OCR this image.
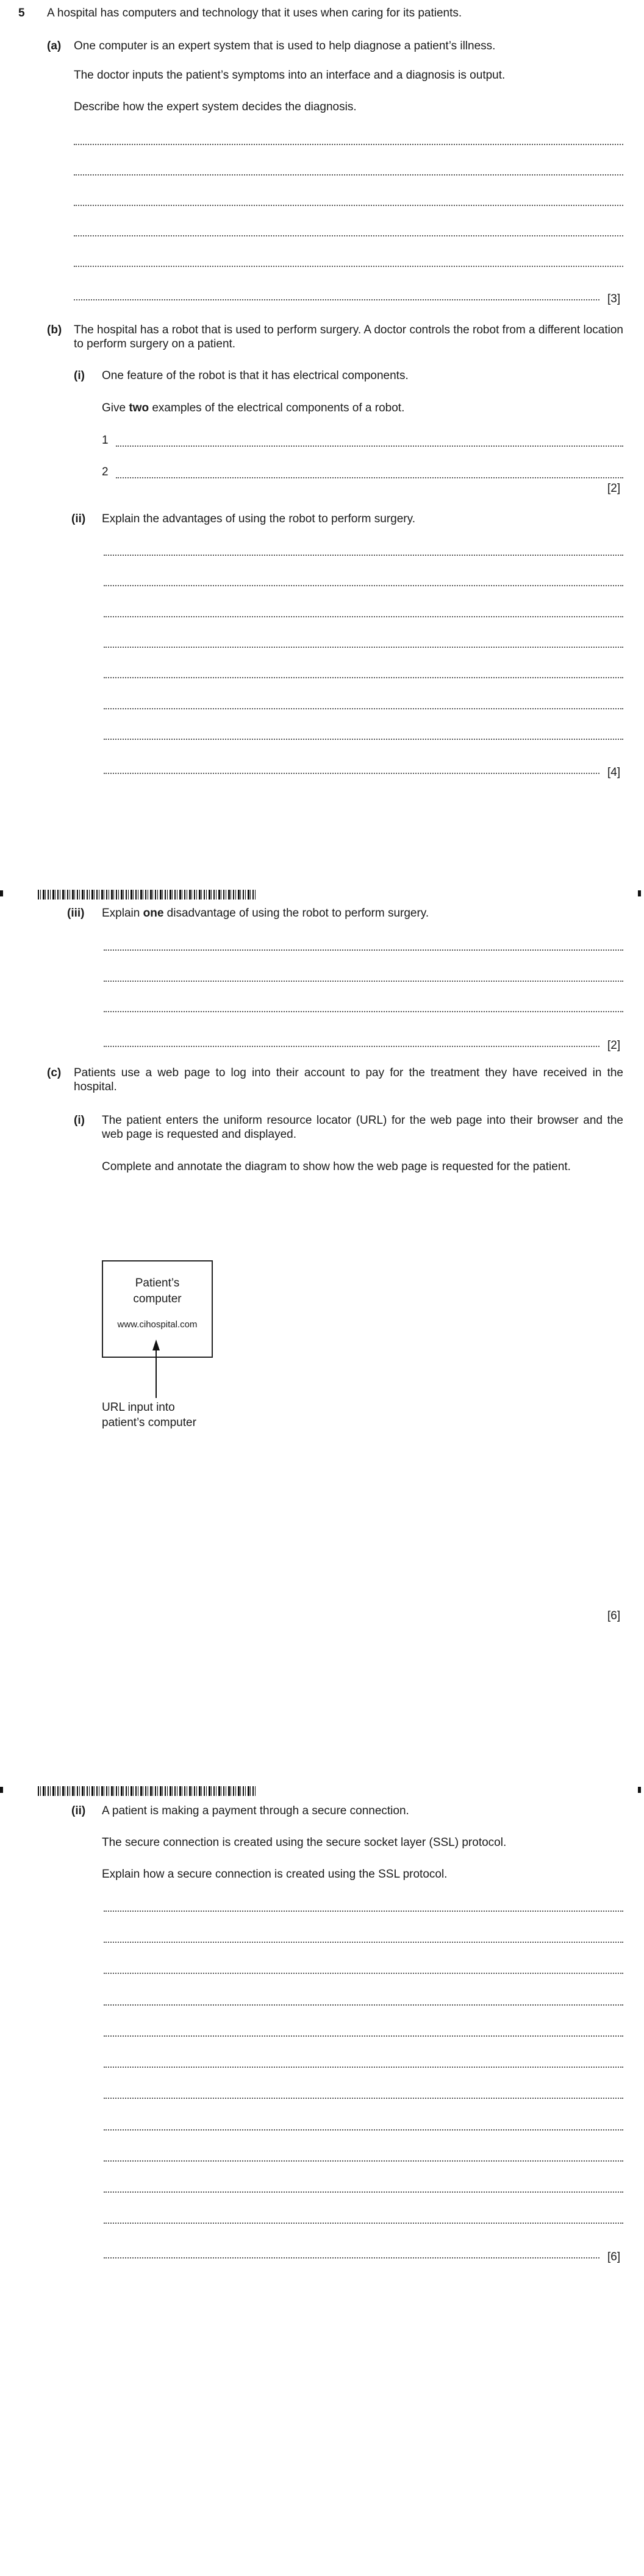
5 A hospital has computers and technology that it uses when caring for its patients.
(a) One computer is an expert system that is used to help diagnose a patient’s illness.
The doctor inputs the patient’s symptoms into an interface and a diagnosis is output.
Describe how the expert system decides the diagnosis.
[3]
(b) The hospital has a robot that is used to perform surgery. A doctor controls the robot from a different location to perform surgery on a patient.
(i) One feature of the robot is that it has electrical components.
Give two examples of the electrical components of a robot.
1
2
[2]
(ii) Explain the advantages of using the robot to perform surgery.
[4]
(iii) Explain one disadvantage of using the robot to perform surgery.
[2]
(c) Patients use a web page to log into their account to pay for the treatment they have received in the hospital.
(i) The patient enters the uniform resource locator (URL) for the web page into their browser and the web page is requested and displayed.
Complete and annotate the diagram to show how the web page is requested for the patient.
Patient’s
computer
www.cihospital.com
URL input into
patient’s computer
[6]
(ii) A patient is making a payment through a secure connection.
The secure connection is created using the secure socket layer (SSL) protocol.
Explain how a secure connection is created using the SSL protocol.
[6]
